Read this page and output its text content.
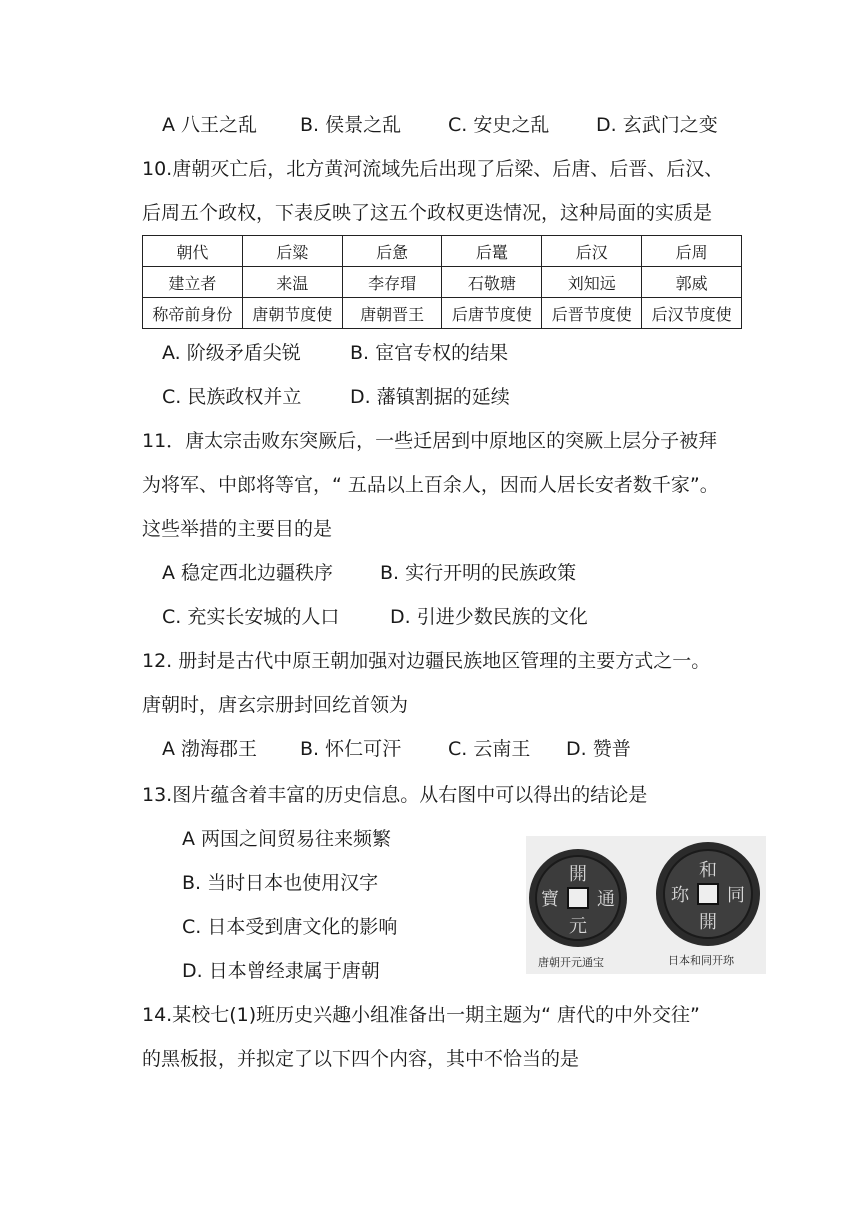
A 八王之乱 B. 侯景之乱 C. 安史之乱 D. 玄武门之变
10.唐朝灭亡后，北方黄河流域先后出现了后梁、后唐、后晋、后汉、
后周五个政权，下表反映了这五个政权更迭情况，这种局面的实质是
朝代	后粱	后惫	后鼍	后汉	后周
建立者	来温	李存瑁	石敬瑭	刘知远	郭威
称帝前身份	唐朝节度使	唐朝晋王	后唐节度使	后晋节度使	后汉节度使
A. 阶级矛盾尖锐	B. 宦官专权的结果
C. 民族政权并立	D. 藩镇割据的延续
11．唐太宗击败东突厥后，一些迁居到中原地区的突厥上层分子被拜
为将军、中郎将等官，“ 五品以上百余人，因而人居长安者数千家”。
这些举措的主要目的是
A 稳定西北边疆秩序 B. 实行开明的民族政策
C. 充实长安城的人口	D. 引进少数民族的文化
12. 册封是古代中原王朝加强对边疆民族地区管理的主要方式之一。
唐朝时，唐玄宗册封回纥首领为
A 渤海郡王 B. 怀仁可汗 C. 云南王 D. 赞普
13.图片蕴含着丰富的历史信息。从右图中可以得出的结论是
A 两国之间贸易往来频繁
B. 当时日本也使用汉字
C. 日本受到唐文化的影响
D. 日本曾经隶属于唐朝
開
元
通
寶
和
同
開
珎
唐朝开元通宝	日本和同开珎
14.某校七(1)班历史兴趣小组准备出一期主题为“ 唐代的中外交往”
的黑板报，并拟定了以下四个内容，其中不恰当的是
